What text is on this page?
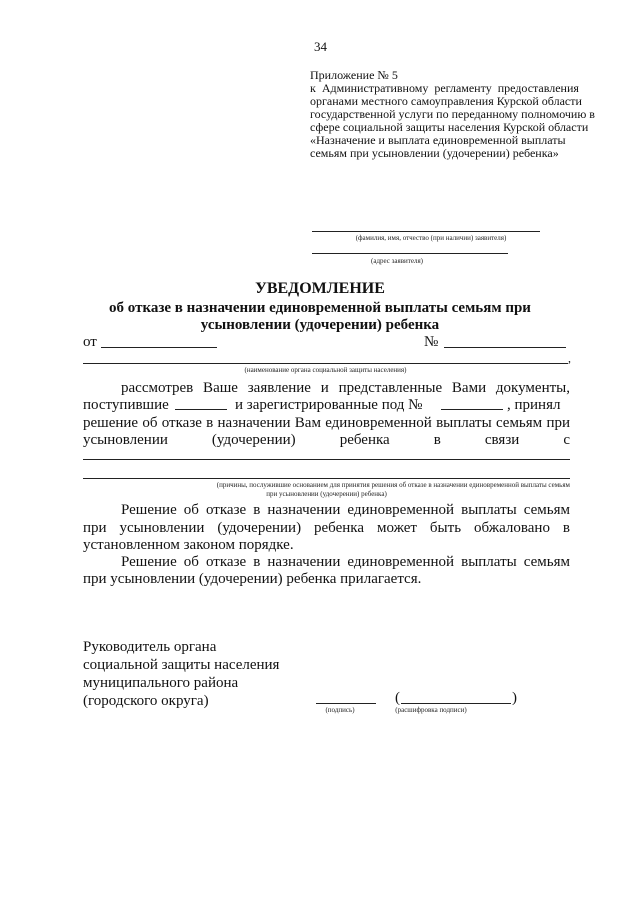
34
Приложение № 5
к  Административному  регламенту  предоставления
органами местного самоуправления Курской области
государственной услуги по переданному полномочию в
сфере социальной защиты населения Курской области
«Назначение и выплата единовременной выплаты
семьям при усыновлении (удочерении) ребенка»
(фамилия, имя, отчество (при наличии) заявителя)
(адрес заявителя)
УВЕДОМЛЕНИЕ
об отказе в назначении единовременной выплаты семьям при
усыновлении (удочерении) ребенка
от	№
,
(наименование органа социальной защиты населения)
рассмотрев Ваше заявление и представленные Вами документы,
поступившие	и зарегистрированные под №	, принял
решение об отказе в назначении Вам единовременной выплаты семьям при
усыновлении (удочерении) ребенка в связи с
(причины, послужившие основанием для принятия решения об отказе в назначении единовременной выплаты семьям
при усыновлении (удочерении) ребенка)
Решение об отказе в назначении единовременной выплаты семьям
при усыновлении (удочерении) ребенка может быть обжаловано в
установленном законом порядке.
Решение об отказе в назначении единовременной выплаты семьям
при усыновлении (удочерении) ребенка прилагается.
Руководитель органа
социальной защиты населения
муниципального района
(городского округа)
(подпись)
(	)
(расшифровка подписи)
